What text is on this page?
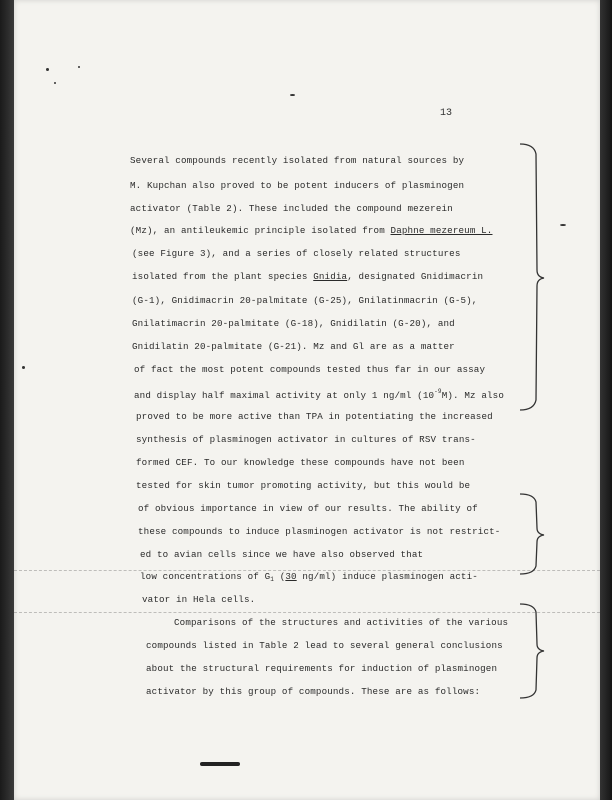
13
Several compounds recently isolated from natural sources by
M. Kupchan also proved to be potent inducers of plasminogen
activator (Table 2). These included the compound mezerein
(Mz), an antileukemic principle isolated from Daphne mezereum L.
(see Figure 3), and a series of closely related structures
isolated from the plant species Gnidia, designated Gnidimacrin
(G-1), Gnidimacrin 20-palmitate (G-25), Gnilatinmacrin (G-5),
Gnilatimacrin 20-palmitate (G-18), Gnidilatin (G-20), and
Gnidilatin 20-palmitate (G-21). Mz and Gl are as a matter
of fact the most potent compounds tested thus far in our assay
and display half maximal activity at only 1 ng/ml $(10^{-9}M)$. Mz also
proved to be more active than TPA in potentiating the increased
synthesis of plasminogen activator in cultures of RSV trans-
formed CEF. To our knowledge these compounds have not been
tested for skin tumor promoting activity, but this would be
of obvious importance in view of our results. The ability of
these compounds to induce plasminogen activator is not restrict-
ed to avian cells since we have also observed that
low concentrations of $G_1$ (30 ng/ml) induce plasminogen acti-
vator in Hela cells.
Comparisons of the structures and activities of the various
compounds listed in Table 2 lead to several general conclusions
about the structural requirements for induction of plasminogen
activator by this group of compounds. These are as follows:
